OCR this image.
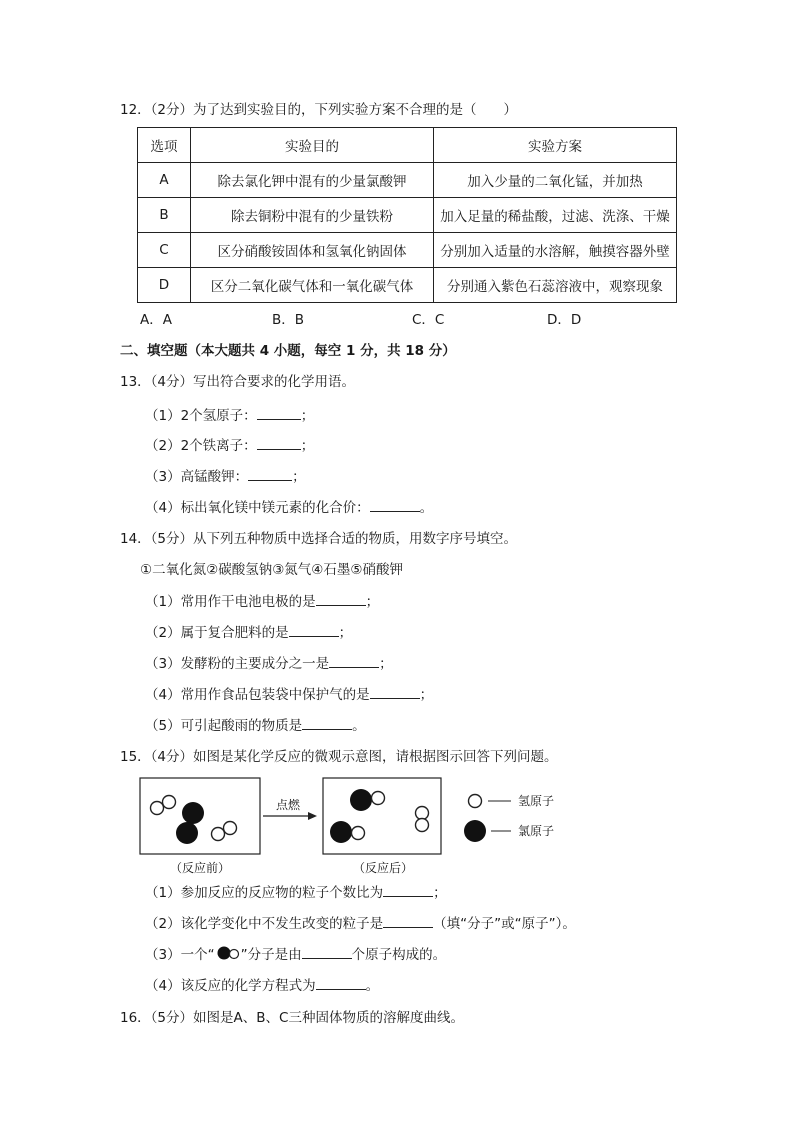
12．（2分）为了达到实验目的，下列实验方案不合理的是（　　）
选项	实验目的	实验方案
A	除去氯化钾中混有的少量氯酸钾	加入少量的二氧化锰，并加热
B	除去铜粉中混有的少量铁粉	加入足量的稀盐酸，过滤、洗涤、干燥
C	区分硝酸铵固体和氢氧化钠固体	分别加入适量的水溶解，触摸容器外壁
D	区分二氧化碳气体和一氧化碳气体	分别通入紫色石蕊溶液中，观察现象
A．A	B．B	C．C	D．D
二、填空题（本大题共 4 小题，每空 1 分，共 18 分）
13．（4分）写出符合要求的化学用语。
（1）2个氢原子：	；
（2）2个铁离子：	；
（3）高锰酸钾：	；
（4）标出氧化镁中镁元素的化合价：	。
14．（5分）从下列五种物质中选择合适的物质，用数字序号填空。
①二氧化氮②碳酸氢钠③氮气④石墨⑤硝酸钾
（1）常用作干电池电极的是	；
（2）属于复合肥料的是	；
（3）发酵粉的主要成分之一是	；
（4）常用作食品包装袋中保护气的是	；
（5）可引起酸雨的物质是	。
15．（4分）如图是某化学反应的微观示意图，请根据图示回答下列问题。
（反应前）
点燃
（反应后）
氢原子
氯原子
（1）参加反应的反应物的粒子个数比为	；
（2）该化学变化中不发生改变的粒子是	（填“分子”或“原子”）。
（3）一个“ ”分子是由	个原子构成的。
（4）该反应的化学方程式为	。
16．（5分）如图是A、B、C三种固体物质的溶解度曲线。
